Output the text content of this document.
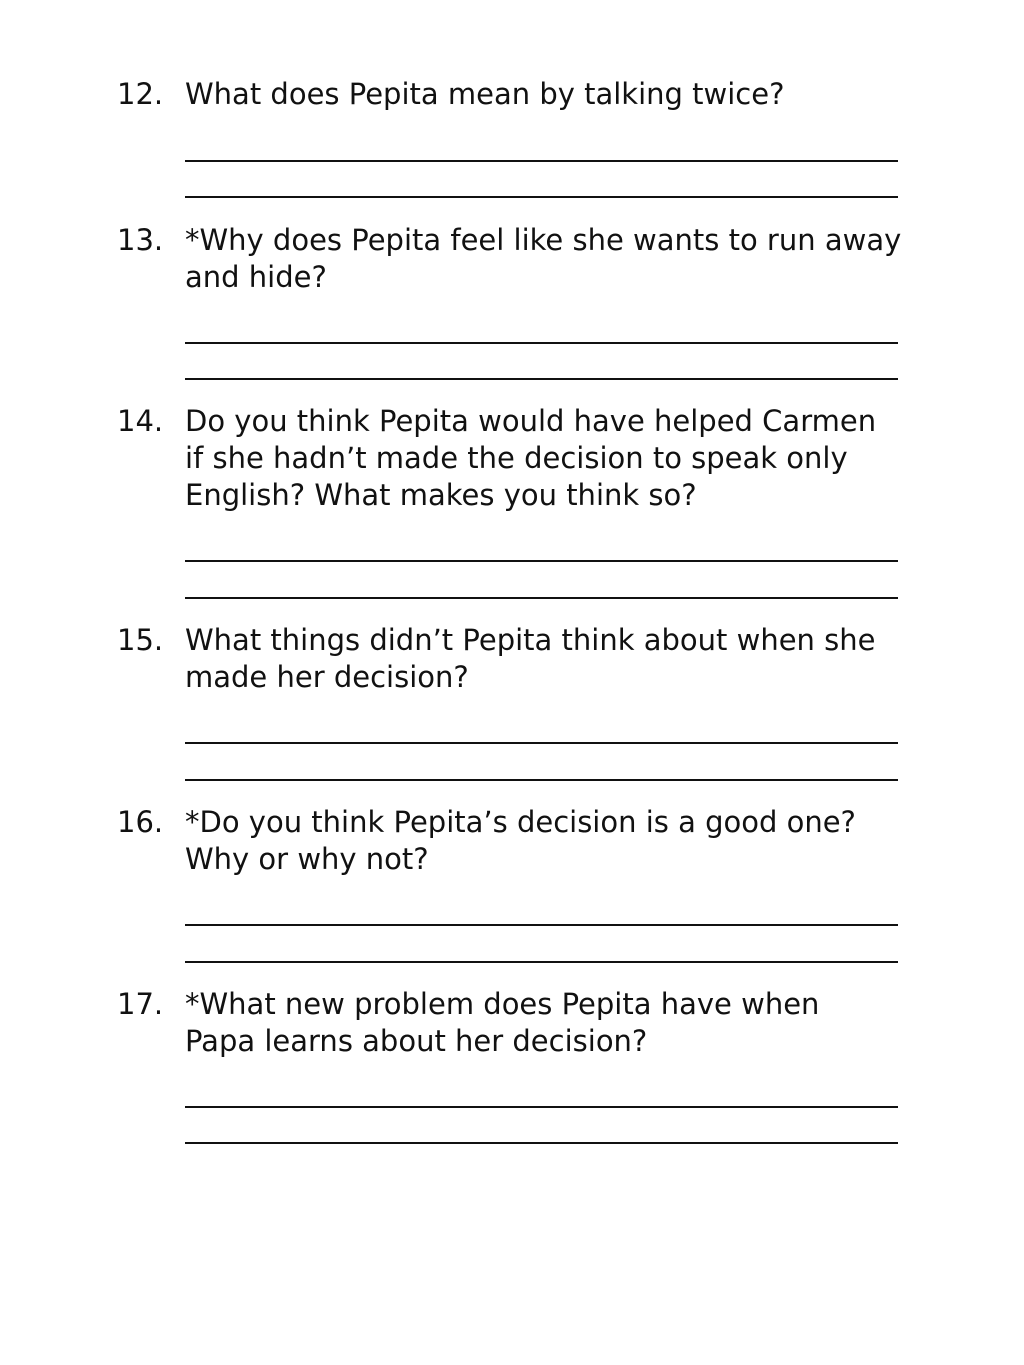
12. What does Pepita mean by talking twice?
13. *Why does Pepita feel like she wants to run away
and hide?
14. Do you think Pepita would have helped Carmen
if she hadn’t made the decision to speak only
English? What makes you think so?
15. What things didn’t Pepita think about when she
made her decision?
16. *Do you think Pepita’s decision is a good one?
Why or why not?
17. *What new problem does Pepita have when
Papa learns about her decision?
